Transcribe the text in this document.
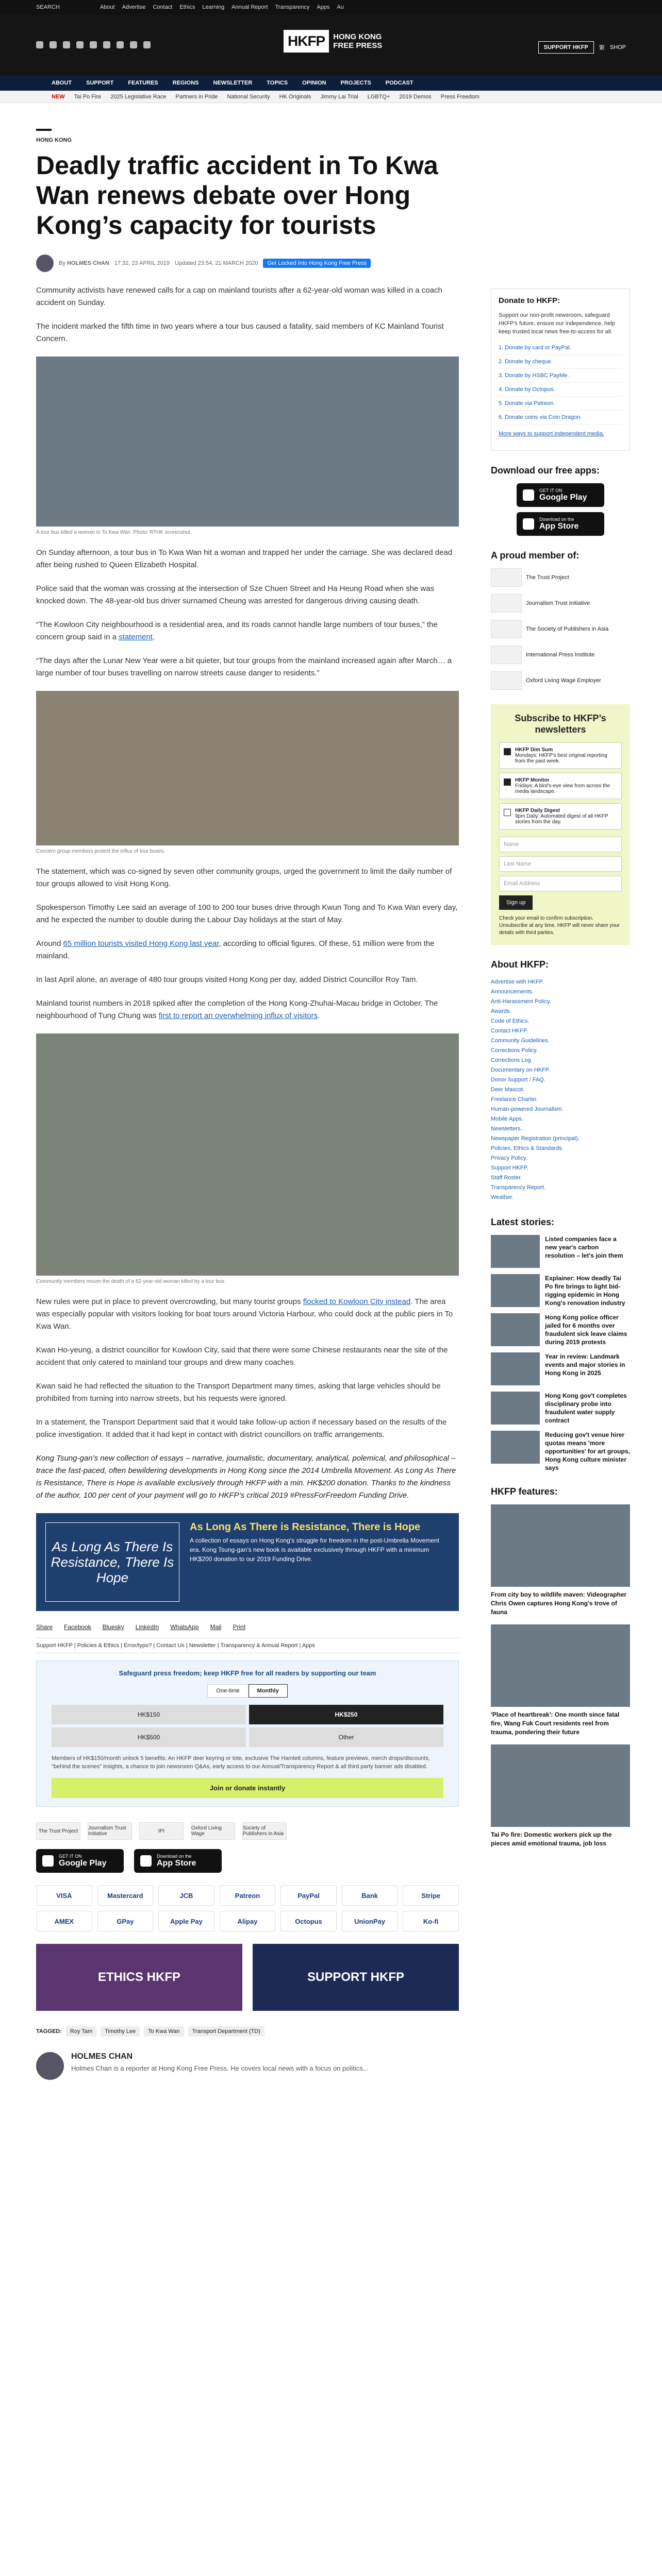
SEARCH	About Advertise Contact Ethics Learning Annual Report Transparency Apps Au
HKFP	HONG KONG
FREE PRESS	SUPPORT HKFP	繁 SHOP
ABOUT	SUPPORT	FEATURES	REGIONS	NEWSLETTER	TOPICS	OPINION	PROJECTS	PODCAST
NEW Tai Po Fire 2025 Legislative Race Partners in Pride National Security HK Originals Jimmy Lai Trial LGBTQ+ 2019 Demos Press Freedom
HONG KONG
Deadly traffic accident in To Kwa Wan renews debate over Hong Kong’s capacity for tourists
By HOLMES CHAN 17:32, 23 APRIL 2019 Updated 23:54, 21 MARCH 2020	Get Locked Into Hong Kong Free Press

Community activists have renewed calls for a cap on mainland tourists after a 62-year-old woman was killed in a coach accident on Sunday.

The incident marked the fifth time in two years where a tour bus caused a fatality, said members of KC Mainland Tourist Concern.

A tour bus killed a woman in To Kwa Wan. Photo: RTHK screenshot.

On Sunday afternoon, a tour bus in To Kwa Wan hit a woman and trapped her under the carriage. She was declared dead after being rushed to Queen Elizabeth Hospital.

Police said that the woman was crossing at the intersection of Sze Chuen Street and Ha Heung Road when she was knocked down. The 48-year-old bus driver surnamed Cheung was arrested for dangerous driving causing death.

“The Kowloon City neighbourhood is a residential area, and its roads cannot handle large numbers of tour buses,” the concern group said in a statement.

“The days after the Lunar New Year were a bit quieter, but tour groups from the mainland increased again after March… a large number of tour buses travelling on narrow streets cause danger to residents.”

Concern group members protest the influx of tour buses.

The statement, which was co-signed by seven other community groups, urged the government to limit the daily number of tour groups allowed to visit Hong Kong.

Spokesperson Timothy Lee said an average of 100 to 200 tour buses drive through Kwun Tong and To Kwa Wan every day, and he expected the number to double during the Labour Day holidays at the start of May.

Around 65 million tourists visited Hong Kong last year, according to official figures. Of these, 51 million were from the mainland.

In last April alone, an average of 480 tour groups visited Hong Kong per day, added District Councillor Roy Tam.

Mainland tourist numbers in 2018 spiked after the completion of the Hong Kong-Zhuhai-Macau bridge in October. The neighbourhood of Tung Chung was first to report an overwhelming influx of visitors.

Community members mourn the death of a 62-year-old woman killed by a tour bus.

New rules were put in place to prevent overcrowding, but many tourist groups flocked to Kowloon City instead. The area was especially popular with visitors looking for boat tours around Victoria Harbour, who could dock at the public piers in To Kwa Wan.

Kwan Ho-yeung, a district councillor for Kowloon City, said that there were some Chinese restaurants near the site of the accident that only catered to mainland tour groups and drew many coaches.

Kwan said he had reflected the situation to the Transport Department many times, asking that large vehicles should be prohibited from turning into narrow streets, but his requests were ignored.

In a statement, the Transport Department said that it would take follow-up action if necessary based on the results of the police investigation. It added that it had kept in contact with district councillors on traffic arrangements.

Kong Tsung-gan’s new collection of essays – narrative, journalistic, documentary, analytical, polemical, and philosophical – trace the fast-paced, often bewildering developments in Hong Kong since the 2014 Umbrella Movement. As Long As There is Resistance, There is Hope is available exclusively through HKFP with a min. HK$200 donation. Thanks to the kindness of the author, 100 per cent of your payment will go to HKFP’s critical 2019 #PressForFreedom Funding Drive.

As Long As There Is Resistance, There Is Hope
As Long As There is Resistance, There is Hope
A collection of essays on Hong Kong’s struggle for freedom in the post-Umbrella Movement era. Kong Tsung-gan’s new book is available exclusively through HKFP with a minimum HK$200 donation to our 2019 Funding Drive.
Share Facebook Bluesky LinkedIn WhatsApp Mail Print
Support HKFP | Policies & Ethics | Error/typo? | Contact Us | Newsletter | Transparency & Annual Report | Apps
Safeguard press freedom; keep HKFP free for all readers by supporting our team
One-time	Monthly
HK$150	HK$250
HK$500	Other
Members of HK$150/month unlock 5 benefits: An HKFP deer keyring or tote, exclusive The Hamlett columns, feature previews, merch drops/discounts, "behind the scenes" insights, a chance to join newsroom Q&As, early access to our Annual/Transparency Report & all third party banner ads disabled.
Join or donate instantly
The Trust Project	Journalism Trust Initiative	IPI	Oxford Living Wage
Society of Publishers in Asia
GET IT ON
Google Play
Download on the
App Store
VISA	Mastercard	JCB	Patreon	PayPal	Bank	Stripe
AMEX	GPay	Apple Pay	Alipay	Octopus	UnionPay	Ko-fi
ETHICS HKFP	SUPPORT HKFP
TAGGED:	Roy Tam	Timothy Lee	To Kwa Wan	Transport Department (TD)
HOLMES CHAN

Holmes Chan is a reporter at Hong Kong Free Press. He covers local news with a focus on politics...

Donate to HKFP:

Support our non-profit newsroom, safeguard HKFP's future, ensure our independence, help keep trusted local news free-to-access for all.

1. Donate by card or PayPal.
2. Donate by cheque.
3. Donate by HSBC PayMe.
4. Donate by Octopus.
5. Donate via Patreon.
6. Donate coins via Coin Dragon.

More ways to support independent media.

Download our free apps:
GET IT ON
Google Play
Download on the
App Store
A proud member of:
The Trust Project
Journalism Trust Initiative
The Society of Publishers in Asia
International Press Institute
Oxford Living Wage Employer
Subscribe to HKFP’s newsletters
HKFP Dim Sum
Mondays: HKFP's best original reporting from the past week.
HKFP Monitor
Fridays: A bird's-eye view from across the media landscape.
HKFP Daily Digest
9pm Daily: Automated digest of all HKFP stories from the day.
Name
Last Name
Email Address
Sign up

Check your email to confirm subscription. Unsubscribe at any time. HKFP will never share your details with third parties.

About HKFP:
Advertise with HKFP.
Announcements.
Anti-Harassment Policy.
Awards.
Code of Ethics.
Contact HKFP.
Community Guidelines.
Corrections Policy.
Corrections Log.
Documentary on HKFP.
Donor Support / FAQ.
Deer Mascot.
Freelance Charter.
Human-powered Journalism.
Mobile Apps.
Newsletters.
Newspaper Registration (principal).
Policies, Ethics & Standards.
Privacy Policy.
Support HKFP.
Staff Roster.
Transparency Report.
Weather.
Latest stories:
Listed companies face a new year's carbon resolution – let's join them
Explainer: How deadly Tai Po fire brings to light bid-rigging epidemic in Hong Kong's renovation industry
Hong Kong police officer jailed for 6 months over fraudulent sick leave claims during 2019 protests
Year in review: Landmark events and major stories in Hong Kong in 2025
Hong Kong gov't completes disciplinary probe into fraudulent water supply contract
Reducing gov't venue hirer quotas means 'more opportunities' for art groups, Hong Kong culture minister says
HKFP features:
From city boy to wildlife maven: Videographer Chris Owen captures Hong Kong's trove of fauna
'Place of heartbreak': One month since fatal fire, Wang Fuk Court residents reel from trauma, pondering their future
Tai Po fire: Domestic workers pick up the pieces amid emotional trauma, job loss
